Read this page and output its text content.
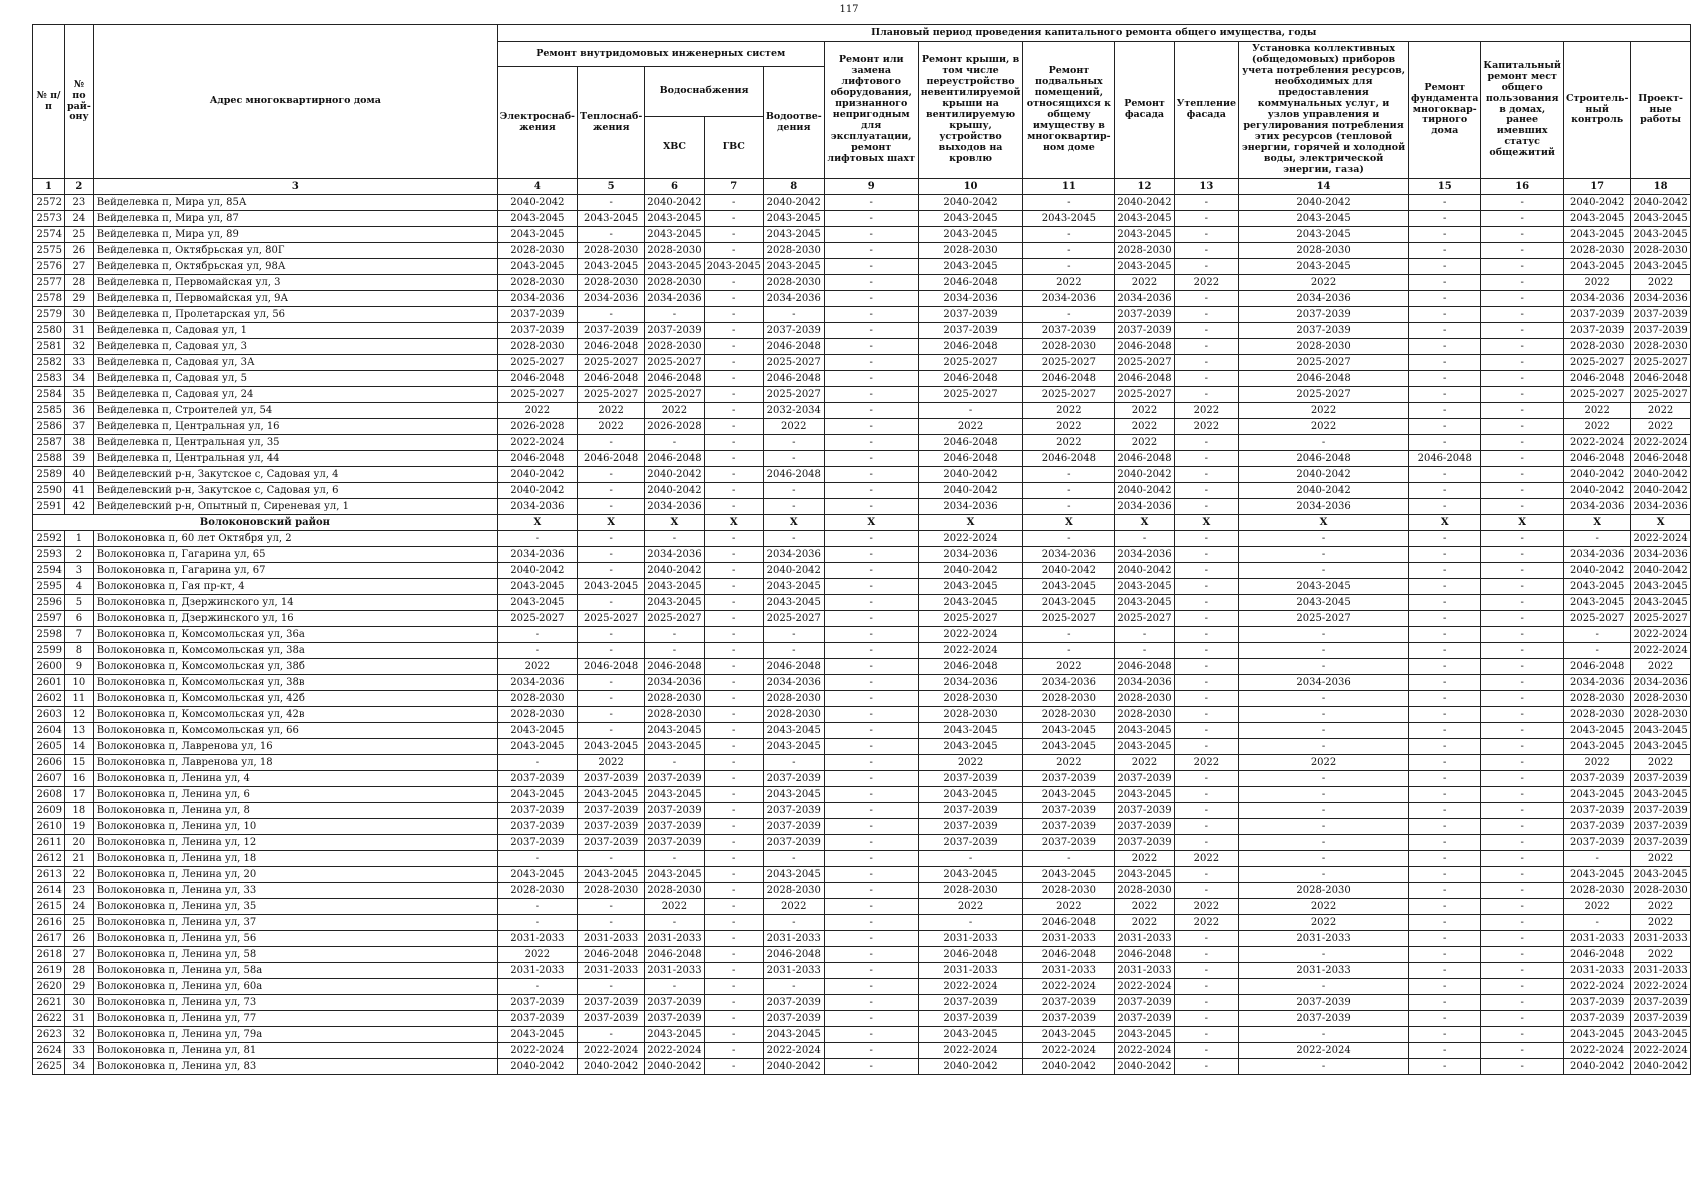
117
№ п/п	№ по рай-ону	Адрес многоквартирного дома	Плановый период проведения капитального ремонта общего имущества, годы														
			Ремонт внутридомовых инженерных систем					Ремонт или замена лифтового оборудования, признанного непригодным для эксплуатации, ремонт лифтовых шахт	Ремонт крыши, в том числе переустройство невентилируемой крыши на вентилируемую крышу, устройство выходов на кровлю	Ремонт подвальных помещений, относящихся к общему имуществу в многоквартир-ном доме	Ремонт фасада	Утепление фасада	Установка коллективных (общедомовых) приборов учета потребления ресурсов, необходимых для предоставления коммунальных услуг, и узлов управления и регулирования потребления этих ресурсов (тепловой энергии, горячей и холодной воды, электрической энергии, газа)	Ремонт фундамента многоквар-тирного дома	Капитальный ремонт мест общего пользования в домах, ранее имевших статус общежитий	Строитель-ный контроль	Проект-ные работы
			Электроснаб-жения	Теплоснаб-жения	Водоснабжения		Водоотве-дения										
					ХВС	ГВС											
1	2	3	4	5	6	7	8	9	10	11	12	13	14	15	16	17	18
2572	23	Вейделевка п, Мира ул, 85А	2040-2042	-	2040-2042	-	2040-2042	-	2040-2042	-	2040-2042	-	2040-2042	-	-	2040-2042	2040-2042
2573	24	Вейделевка п, Мира ул, 87	2043-2045	2043-2045	2043-2045	-	2043-2045	-	2043-2045	2043-2045	2043-2045	-	2043-2045	-	-	2043-2045	2043-2045
2574	25	Вейделевка п, Мира ул, 89	2043-2045	-	2043-2045	-	2043-2045	-	2043-2045	-	2043-2045	-	2043-2045	-	-	2043-2045	2043-2045
2575	26	Вейделевка п, Октябрьская ул, 80Г	2028-2030	2028-2030	2028-2030	-	2028-2030	-	2028-2030	-	2028-2030	-	2028-2030	-	-	2028-2030	2028-2030
2576	27	Вейделевка п, Октябрьская ул, 98А	2043-2045	2043-2045	2043-2045	2043-2045	2043-2045	-	2043-2045	-	2043-2045	-	2043-2045	-	-	2043-2045	2043-2045
2577	28	Вейделевка п, Первомайская ул, 3	2028-2030	2028-2030	2028-2030	-	2028-2030	-	2046-2048	2022	2022	2022	2022	-	-	2022	2022
2578	29	Вейделевка п, Первомайская ул, 9А	2034-2036	2034-2036	2034-2036	-	2034-2036	-	2034-2036	2034-2036	2034-2036	-	2034-2036	-	-	2034-2036	2034-2036
2579	30	Вейделевка п, Пролетарская ул, 56	2037-2039	-	-	-	-	-	2037-2039	-	2037-2039	-	2037-2039	-	-	2037-2039	2037-2039
2580	31	Вейделевка п, Садовая ул, 1	2037-2039	2037-2039	2037-2039	-	2037-2039	-	2037-2039	2037-2039	2037-2039	-	2037-2039	-	-	2037-2039	2037-2039
2581	32	Вейделевка п, Садовая ул, 3	2028-2030	2046-2048	2028-2030	-	2046-2048	-	2046-2048	2028-2030	2046-2048	-	2028-2030	-	-	2028-2030	2028-2030
2582	33	Вейделевка п, Садовая ул, 3А	2025-2027	2025-2027	2025-2027	-	2025-2027	-	2025-2027	2025-2027	2025-2027	-	2025-2027	-	-	2025-2027	2025-2027
2583	34	Вейделевка п, Садовая ул, 5	2046-2048	2046-2048	2046-2048	-	2046-2048	-	2046-2048	2046-2048	2046-2048	-	2046-2048	-	-	2046-2048	2046-2048
2584	35	Вейделевка п, Садовая ул, 24	2025-2027	2025-2027	2025-2027	-	2025-2027	-	2025-2027	2025-2027	2025-2027	-	2025-2027	-	-	2025-2027	2025-2027
2585	36	Вейделевка п, Строителей ул, 54	2022	2022	2022	-	2032-2034	-	-	2022	2022	2022	2022	-	-	2022	2022
2586	37	Вейделевка п, Центральная ул, 16	2026-2028	2022	2026-2028	-	2022	-	2022	2022	2022	2022	2022	-	-	2022	2022
2587	38	Вейделевка п, Центральная ул, 35	2022-2024	-	-	-	-	-	2046-2048	2022	2022	-	-	-	-	2022-2024	2022-2024
2588	39	Вейделевка п, Центральная ул, 44	2046-2048	2046-2048	2046-2048	-	-	-	2046-2048	2046-2048	2046-2048	-	2046-2048	2046-2048	-	2046-2048	2046-2048
2589	40	Вейделевский р-н, Закутское с, Садовая ул, 4	2040-2042	-	2040-2042	-	2046-2048	-	2040-2042	-	2040-2042	-	2040-2042	-	-	2040-2042	2040-2042
2590	41	Вейделевский р-н, Закутское с, Садовая ул, 6	2040-2042	-	2040-2042	-	-	-	2040-2042	-	2040-2042	-	2040-2042	-	-	2040-2042	2040-2042
2591	42	Вейделевский р-н, Опытный п, Сиреневая ул, 1	2034-2036	-	2034-2036	-	-	-	2034-2036	-	2034-2036	-	2034-2036	-	-	2034-2036	2034-2036
Волоконовский район			X	X	X	X	X	X	X	X	X	X	X	X	X	X	X
2592	1	Волоконовка п, 60 лет Октября ул, 2	-	-	-	-	-	-	2022-2024	-	-	-	-	-	-	-	2022-2024
2593	2	Волоконовка п, Гагарина ул, 65	2034-2036	-	2034-2036	-	2034-2036	-	2034-2036	2034-2036	2034-2036	-	-	-	-	2034-2036	2034-2036
2594	3	Волоконовка п, Гагарина ул, 67	2040-2042	-	2040-2042	-	2040-2042	-	2040-2042	2040-2042	2040-2042	-	-	-	-	2040-2042	2040-2042
2595	4	Волоконовка п, Гая пр-кт, 4	2043-2045	2043-2045	2043-2045	-	2043-2045	-	2043-2045	2043-2045	2043-2045	-	2043-2045	-	-	2043-2045	2043-2045
2596	5	Волоконовка п, Дзержинского ул, 14	2043-2045	-	2043-2045	-	2043-2045	-	2043-2045	2043-2045	2043-2045	-	2043-2045	-	-	2043-2045	2043-2045
2597	6	Волоконовка п, Дзержинского ул, 16	2025-2027	2025-2027	2025-2027	-	2025-2027	-	2025-2027	2025-2027	2025-2027	-	2025-2027	-	-	2025-2027	2025-2027
2598	7	Волоконовка п, Комсомольская ул, 36а	-	-	-	-	-	-	2022-2024	-	-	-	-	-	-	-	2022-2024
2599	8	Волоконовка п, Комсомольская ул, 38а	-	-	-	-	-	-	2022-2024	-	-	-	-	-	-	-	2022-2024
2600	9	Волоконовка п, Комсомольская ул, 38б	2022	2046-2048	2046-2048	-	2046-2048	-	2046-2048	2022	2046-2048	-	-	-	-	2046-2048	2022
2601	10	Волоконовка п, Комсомольская ул, 38в	2034-2036	-	2034-2036	-	2034-2036	-	2034-2036	2034-2036	2034-2036	-	2034-2036	-	-	2034-2036	2034-2036
2602	11	Волоконовка п, Комсомольская ул, 42б	2028-2030	-	2028-2030	-	2028-2030	-	2028-2030	2028-2030	2028-2030	-	-	-	-	2028-2030	2028-2030
2603	12	Волоконовка п, Комсомольская ул, 42в	2028-2030	-	2028-2030	-	2028-2030	-	2028-2030	2028-2030	2028-2030	-	-	-	-	2028-2030	2028-2030
2604	13	Волоконовка п, Комсомольская ул, 66	2043-2045	-	2043-2045	-	2043-2045	-	2043-2045	2043-2045	2043-2045	-	-	-	-	2043-2045	2043-2045
2605	14	Волоконовка п, Лавренова ул, 16	2043-2045	2043-2045	2043-2045	-	2043-2045	-	2043-2045	2043-2045	2043-2045	-	-	-	-	2043-2045	2043-2045
2606	15	Волоконовка п, Лавренова ул, 18	-	2022	-	-	-	-	2022	2022	2022	2022	2022	-	-	2022	2022
2607	16	Волоконовка п, Ленина ул, 4	2037-2039	2037-2039	2037-2039	-	2037-2039	-	2037-2039	2037-2039	2037-2039	-	-	-	-	2037-2039	2037-2039
2608	17	Волоконовка п, Ленина ул, 6	2043-2045	2043-2045	2043-2045	-	2043-2045	-	2043-2045	2043-2045	2043-2045	-	-	-	-	2043-2045	2043-2045
2609	18	Волоконовка п, Ленина ул, 8	2037-2039	2037-2039	2037-2039	-	2037-2039	-	2037-2039	2037-2039	2037-2039	-	-	-	-	2037-2039	2037-2039
2610	19	Волоконовка п, Ленина ул, 10	2037-2039	2037-2039	2037-2039	-	2037-2039	-	2037-2039	2037-2039	2037-2039	-	-	-	-	2037-2039	2037-2039
2611	20	Волоконовка п, Ленина ул, 12	2037-2039	2037-2039	2037-2039	-	2037-2039	-	2037-2039	2037-2039	2037-2039	-	-	-	-	2037-2039	2037-2039
2612	21	Волоконовка п, Ленина ул, 18	-	-	-	-	-	-	-	-	2022	2022	-	-	-	-	2022
2613	22	Волоконовка п, Ленина ул, 20	2043-2045	2043-2045	2043-2045	-	2043-2045	-	2043-2045	2043-2045	2043-2045	-	-	-	-	2043-2045	2043-2045
2614	23	Волоконовка п, Ленина ул, 33	2028-2030	2028-2030	2028-2030	-	2028-2030	-	2028-2030	2028-2030	2028-2030	-	2028-2030	-	-	2028-2030	2028-2030
2615	24	Волоконовка п, Ленина ул, 35	-	-	2022	-	2022	-	2022	2022	2022	2022	2022	-	-	2022	2022
2616	25	Волоконовка п, Ленина ул, 37	-	-	-	-	-	-	-	2046-2048	2022	2022	2022	-	-	-	2022
2617	26	Волоконовка п, Ленина ул, 56	2031-2033	2031-2033	2031-2033	-	2031-2033	-	2031-2033	2031-2033	2031-2033	-	2031-2033	-	-	2031-2033	2031-2033
2618	27	Волоконовка п, Ленина ул, 58	2022	2046-2048	2046-2048	-	2046-2048	-	2046-2048	2046-2048	2046-2048	-	-	-	-	2046-2048	2022
2619	28	Волоконовка п, Ленина ул, 58а	2031-2033	2031-2033	2031-2033	-	2031-2033	-	2031-2033	2031-2033	2031-2033	-	2031-2033	-	-	2031-2033	2031-2033
2620	29	Волоконовка п, Ленина ул, 60а	-	-	-	-	-	-	2022-2024	2022-2024	2022-2024	-	-	-	-	2022-2024	2022-2024
2621	30	Волоконовка п, Ленина ул, 73	2037-2039	2037-2039	2037-2039	-	2037-2039	-	2037-2039	2037-2039	2037-2039	-	2037-2039	-	-	2037-2039	2037-2039
2622	31	Волоконовка п, Ленина ул, 77	2037-2039	2037-2039	2037-2039	-	2037-2039	-	2037-2039	2037-2039	2037-2039	-	2037-2039	-	-	2037-2039	2037-2039
2623	32	Волоконовка п, Ленина ул, 79а	2043-2045	-	2043-2045	-	2043-2045	-	2043-2045	2043-2045	2043-2045	-	-	-	-	2043-2045	2043-2045
2624	33	Волоконовка п, Ленина ул, 81	2022-2024	2022-2024	2022-2024	-	2022-2024	-	2022-2024	2022-2024	2022-2024	-	2022-2024	-	-	2022-2024	2022-2024
2625	34	Волоконовка п, Ленина ул, 83	2040-2042	2040-2042	2040-2042	-	2040-2042	-	2040-2042	2040-2042	2040-2042	-	-	-	-	2040-2042	2040-2042
